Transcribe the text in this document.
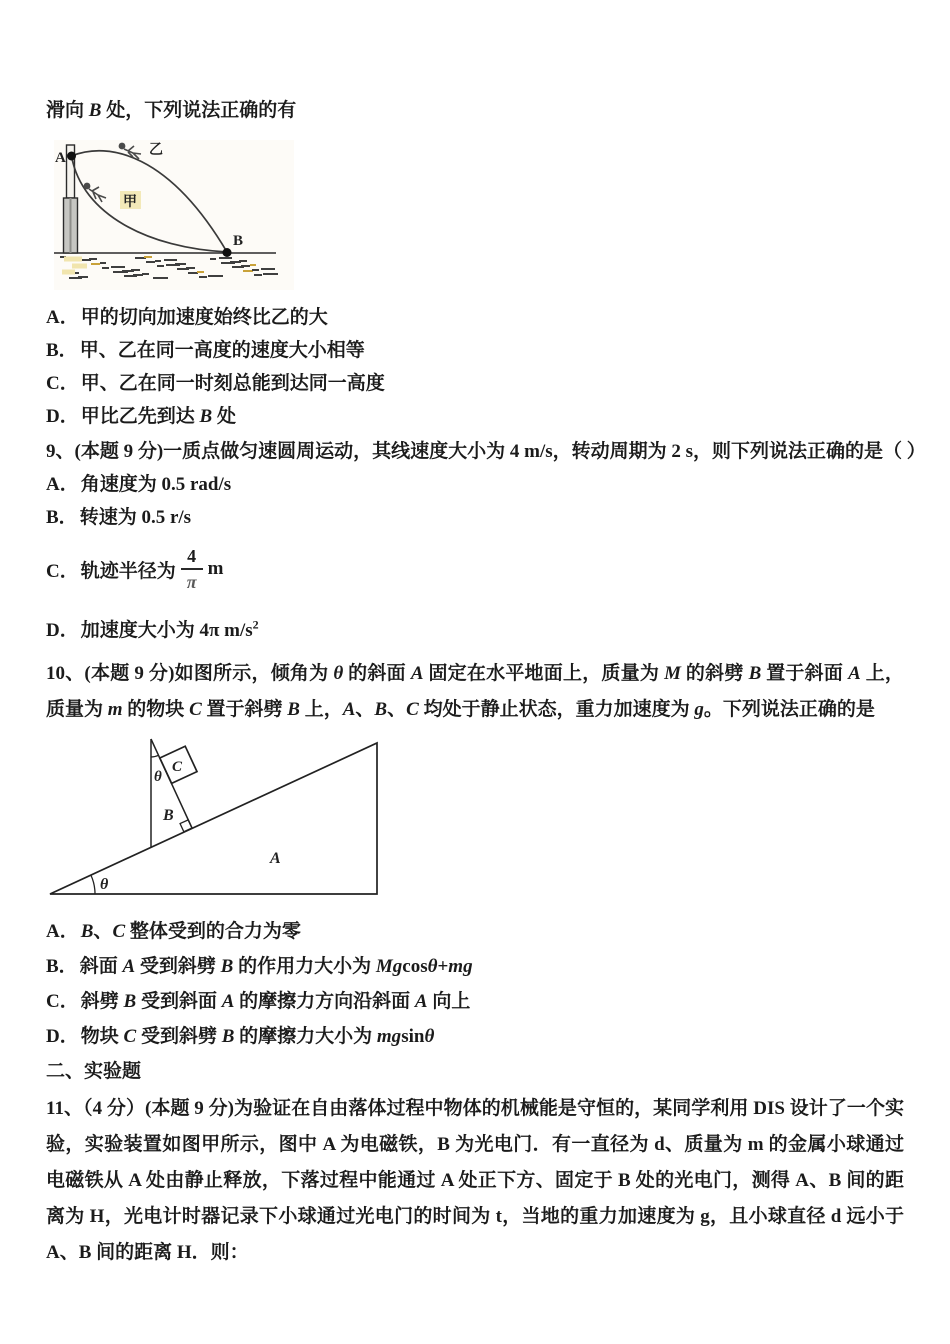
滑向 B 处，下列说法正确的有
A
B
乙
甲
A． 甲的切向加速度始终比乙的大
B． 甲、乙在同一高度的速度大小相等
C． 甲、乙在同一时刻总能到达同一高度
D． 甲比乙先到达 B 处
9、(本题 9 分)一质点做匀速圆周运动，其线速度大小为 4 m/s，转动周期为 2 s，则下列说法正确的是（ ）
A． 角速度为 0.5 rad/s
B． 转速为 0.5 r/s
C． 轨迹半径为 $\frac{4}{\pi}$ m
D． 加速度大小为 4π $m/s^2$

10、(本题 9 分)如图所示，倾角为 θ 的斜面 A 固定在水平地面上，质量为 M 的斜劈 B 置于斜面 A 上，质量为 m 的物块 C 置于斜劈 B 上，A、B、C 均处于静止状态，重力加速度为 g。下列说法正确的是

θ
θ
B
A
C
A． B、C 整体受到的合力为零
B． 斜面 A 受到斜劈 B 的作用力大小为 Mgcosθ+mg
C． 斜劈 B 受到斜面 A 的摩擦力方向沿斜面 A 向上
D． 物块 C 受到斜劈 B 的摩擦力大小为 mgsinθ
二、实验题

11、（4 分）(本题 9 分)为验证在自由落体过程中物体的机械能是守恒的，某同学利用 DIS 设计了一个实验，实验装置如图甲所示，图中 A 为电磁铁，B 为光电门．有一直径为 d、质量为 m 的金属小球通过电磁铁从 A 处由静止释放，下落过程中能通过 A 处正下方、固定于 B 处的光电门，测得 A、B 间的距离为 H，光电计时器记录下小球通过光电门的时间为 t，当地的重力加速度为 g，且小球直径 d 远小于 A、B 间的距离 H．则：
